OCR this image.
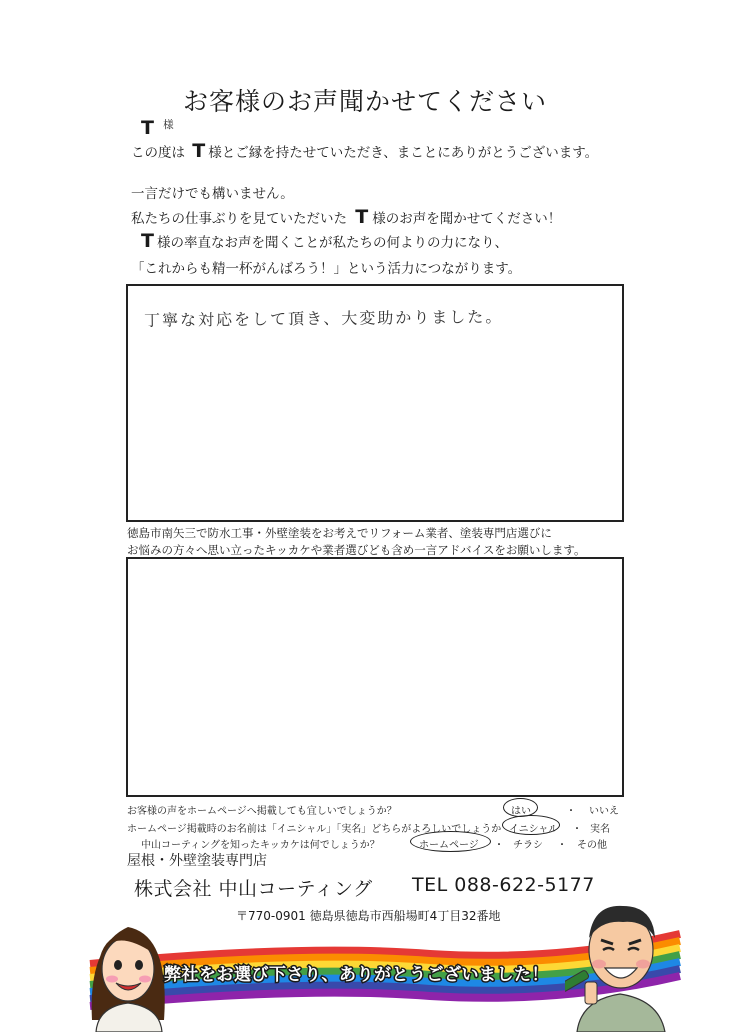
お客様のお声聞かせてください
T $^様$
この度は T 様とご縁を持たせていただき、まことにありがとうございます。
一言だけでも構いません。
私たちの仕事ぶりを見ていただいた T 様のお声を聞かせてください！
T 様の率直なお声を聞くことが私たちの何よりの力になり、
「これからも精一杯がんばろう！」という活力につながります。
丁寧な対応をして頂き、大変助かりました。
徳島市南矢三で防水工事・外壁塗装をお考えでリフォーム業者、塗装専門店選びに
お悩みの方々へ思い立ったキッカケや業者選びども含め一言アドバイスをお願いします。
お客様の声をホームページへ掲載しても宜しいでしょうか？	はい	・ いいえ
ホームページ掲載時のお名前は「イニシャル」「実名」どちらがよろしいでしょうか イニシャル ・ 実名
中山コーティングを知ったキッカケは何でしょうか？	ホームページ ・ チラシ ・ その他
屋根・外壁塗装専門店
株式会社 中山コーティング TEL 088-622-5177
〒770-0901 徳島県徳島市西船場町4丁目32番地
弊社をお選び下さり、ありがとうございました！
